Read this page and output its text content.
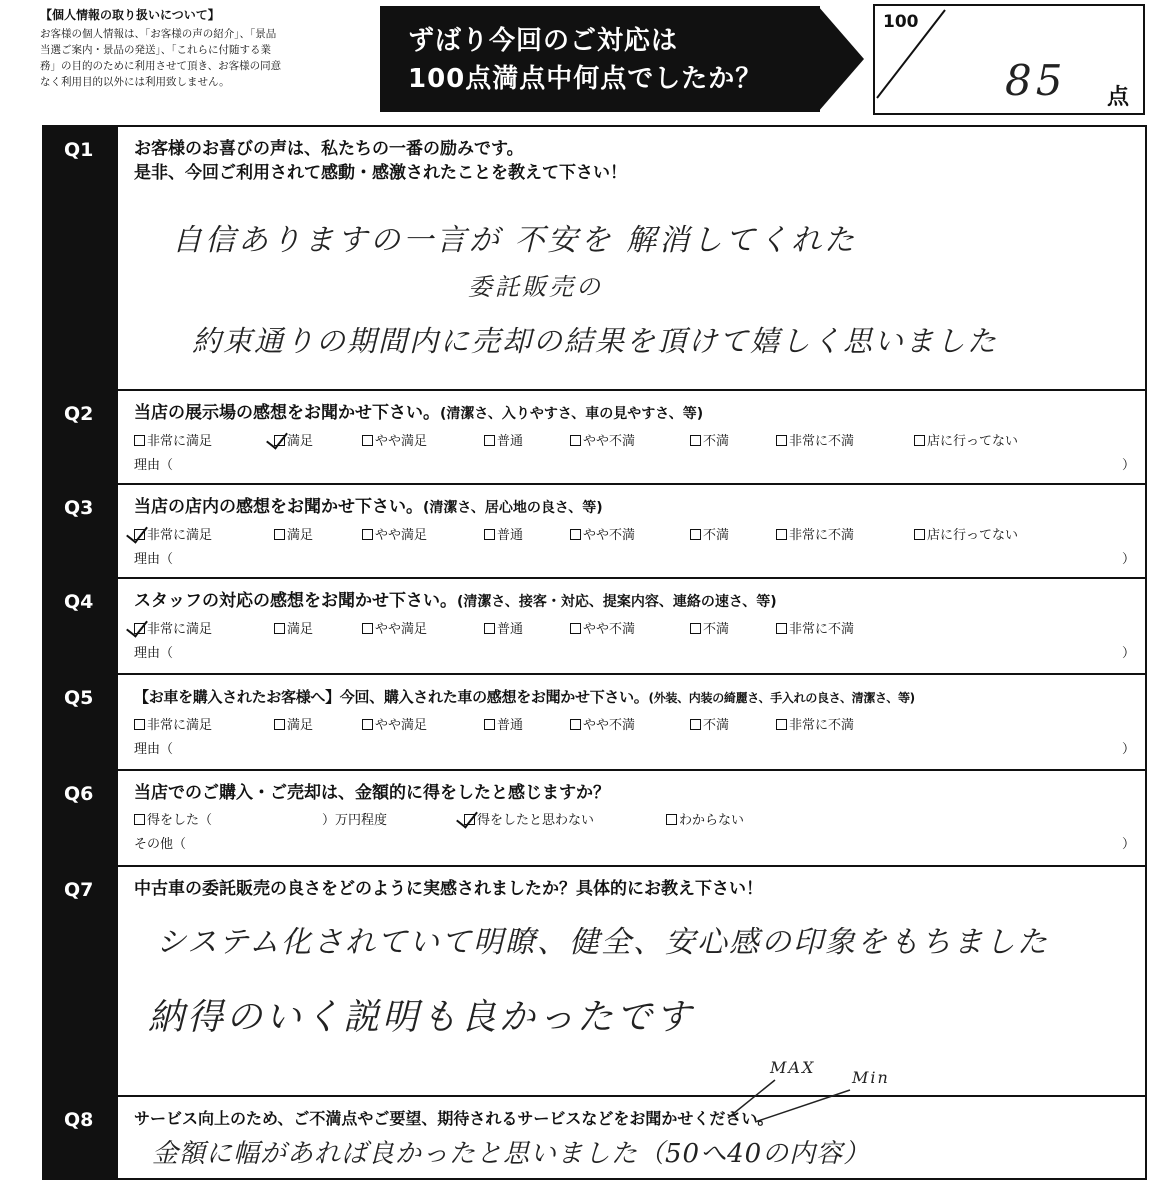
【個人情報の取り扱いについて】
お客様の個人情報は、「お客様の声の紹介」、「景品
当選ご案内・景品の発送」、「これらに付随する業
務」の目的のために利用させて頂き、お客様の同意
なく利用目的以外には利用致しません。
ずばり今回のご対応は
100点満点中何点でしたか？
100
85 点
Q1 お客様のお喜びの声は、私たちの一番の励みです。
是非、今回ご利用されて感動・感激されたことを教えて下さい！
自信ありますの一言が 不安を 解消してくれた
委託販売の
約束通りの期間内に売却の結果を頂けて嬉しく思いました
Q2 当店の展示場の感想をお聞かせ下さい。(清潔さ、入りやすさ、車の見やすさ、等)
非常に満足	満足	やや満足	普通	やや不満	不満	非常に不満	店に行ってない
理由（	）
Q3 当店の店内の感想をお聞かせ下さい。(清潔さ、居心地の良さ、等)
非常に満足	満足	やや満足	普通	やや不満	不満	非常に不満	店に行ってない
理由（	）
Q4 スタッフの対応の感想をお聞かせ下さい。(清潔さ、接客・対応、提案内容、連絡の速さ、等)
非常に満足	満足	やや満足	普通	やや不満	不満	非常に不満
理由（	）
Q5	【お車を購入されたお客様へ】今回、購入された車の感想をお聞かせ下さい。(外装、内装の綺麗さ、手入れの良さ、清潔さ、等)
非常に満足	満足	やや満足	普通	やや不満	不満	非常に不満
理由（	）
Q6 当店でのご購入・ご売却は、金額的に得をしたと感じますか？
得をした（	）万円程度	得をしたと思わない	わからない
その他（	）
Q7 中古車の委託販売の良さをどのように実感されましたか？具体的にお教え下さい！
システム化されていて明瞭、健全、安心感の印象をもちました
納得のいく説明も良かったです
Q8	サービス向上のため、ご不満点やご要望、期待されるサービスなどをお聞かせください。
金額に幅があれば良かったと思いました（50へ40の内容）
MAX
Min
